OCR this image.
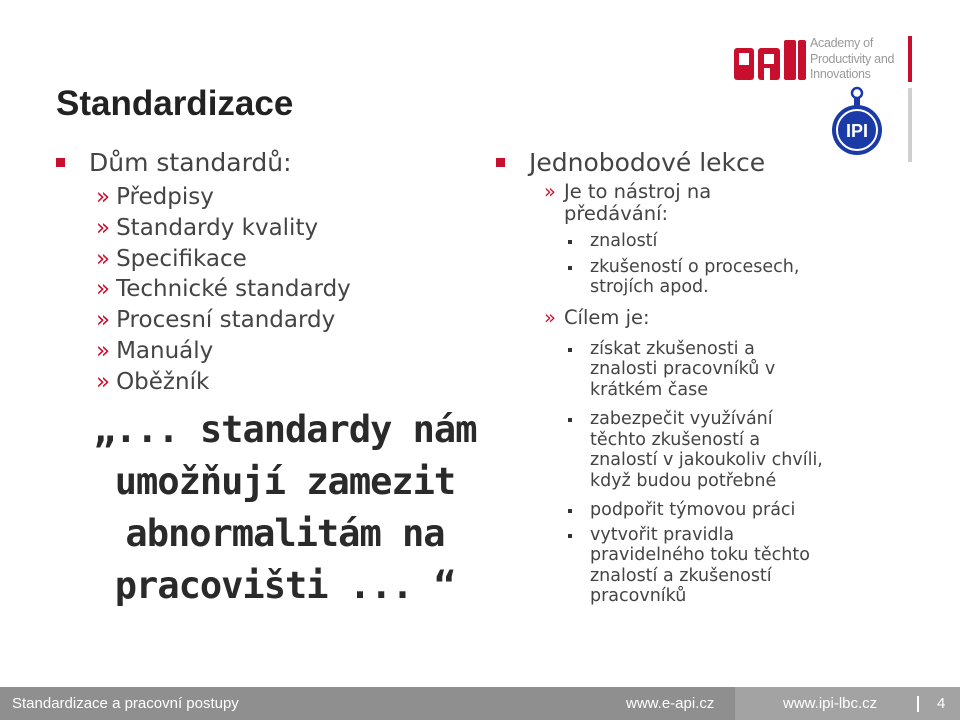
Academy of
Productivity and
Innovations
IPI
Standardizace
Dům standardů:
» Předpisy
» Standardy kvality
» Specifikace
» Technické standardy
» Procesní standardy
» Manuály
» Oběžník
„... standardy nám
umožňují zamezit
abnormalitám na
pracovišti ... “
Jednobodové lekce
» Je to nástroj na předávání:
znalostí
zkušeností o procesech, strojích apod.
» Cílem je:
získat zkušenosti a znalosti pracovníků v krátkém čase
zabezpečit využívání těchto zkušeností a znalostí v jakoukoliv chvíli, když budou potřebné
podpořit týmovou práci
vytvořit pravidla pravidelného toku těchto znalostí a zkušeností pracovníků
Standardizace a pracovní postupy	www.e-api.cz	www.ipi-lbc.cz	4
